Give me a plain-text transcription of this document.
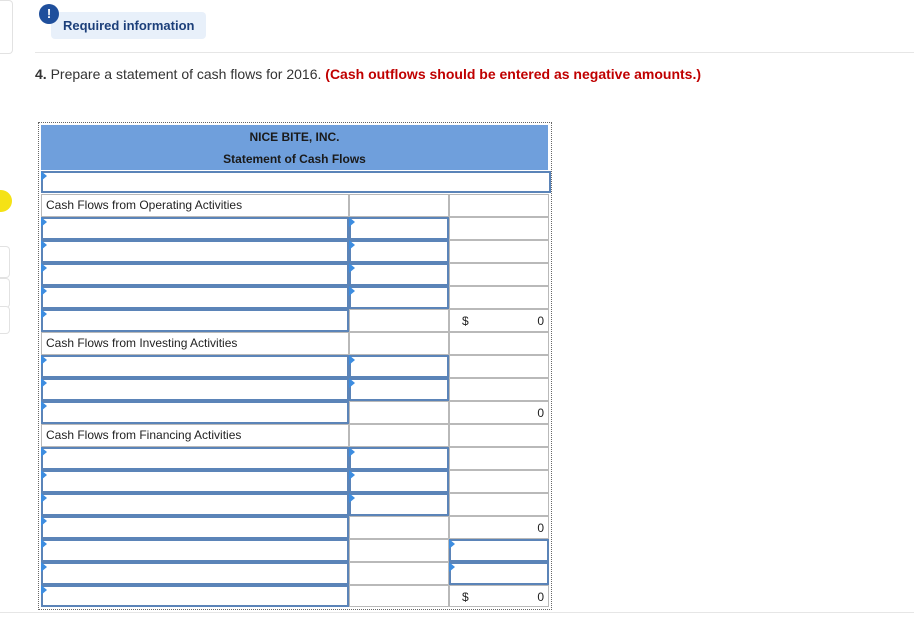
Required information
!
4. Prepare a statement of cash flows for 2016. (Cash outflows should be entered as negative amounts.)
NICE BITE, INC.
Statement of Cash Flows
Cash Flows from Operating Activities
$	0
Cash Flows from Investing Activities
0
Cash Flows from Financing Activities
0
$	0
